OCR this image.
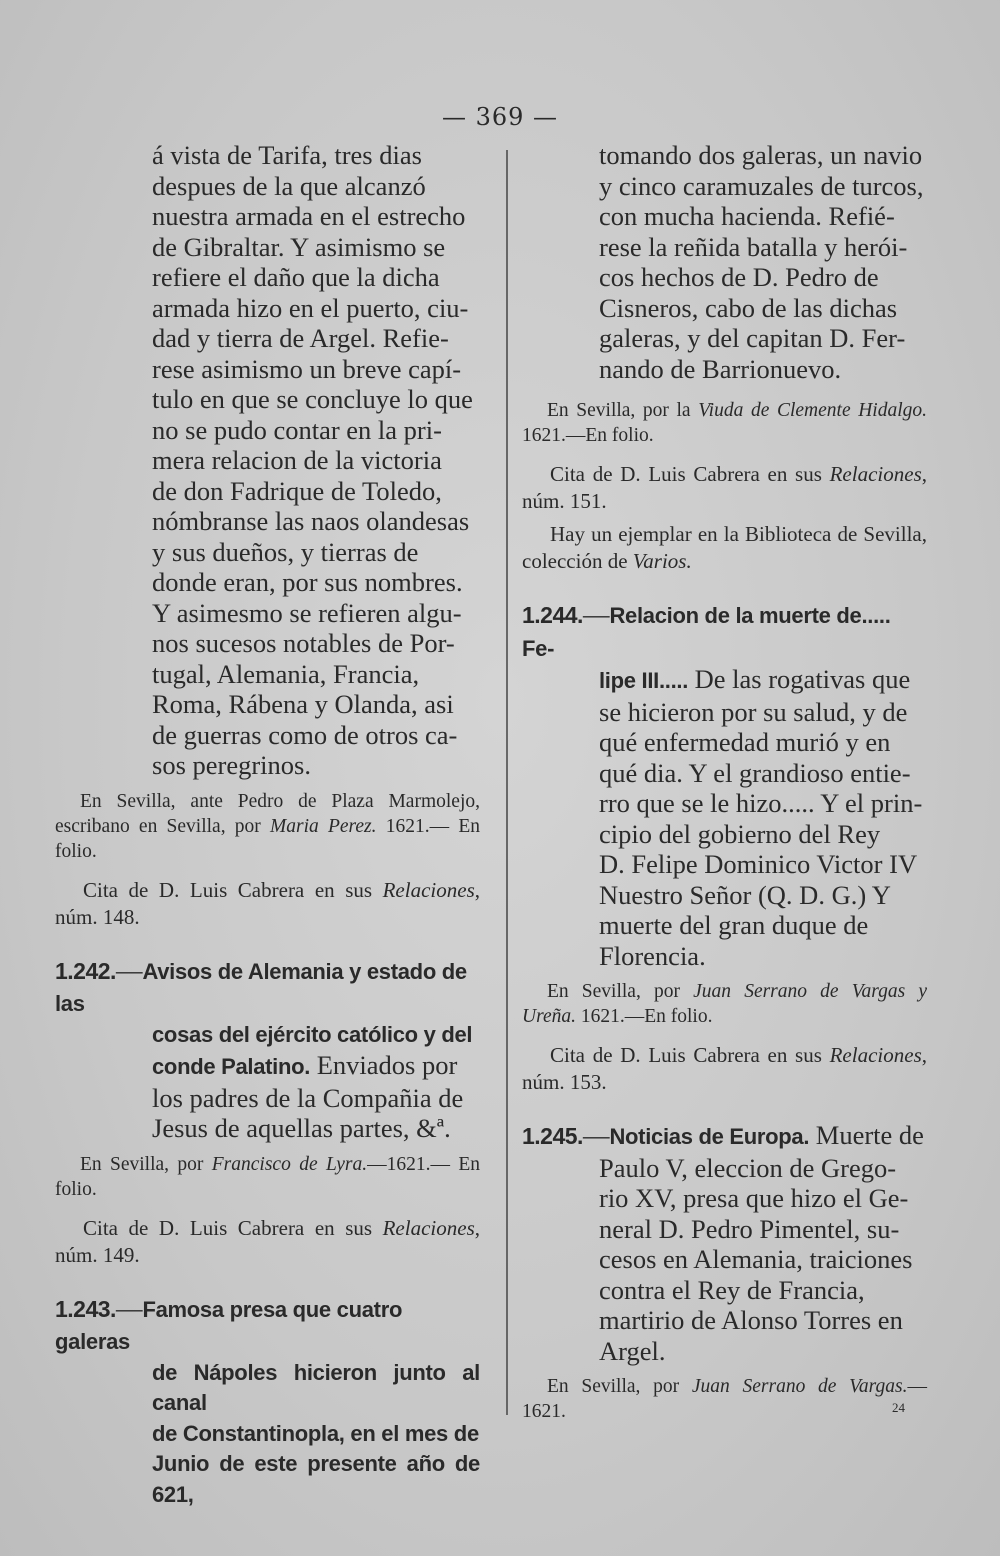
— 369 —

á vista de Tarifa, tres dias

despues de la que alcanzó

nuestra armada en el estrecho

de Gibraltar. Y asimismo se

refiere el daño que la dicha

armada hizo en el puerto, ciu-

dad y tierra de Argel. Refie-

rese asimismo un breve capí-

tulo en que se concluye lo que

no se pudo contar en la pri-

mera relacion de la victoria

de don Fadrique de Toledo,

nómbranse las naos olandesas

y sus dueños, y tierras de

donde eran, por sus nombres.

Y asimesmo se refieren algu-

nos sucesos notables de Por-

tugal, Alemania, Francia,

Roma, Rábena y Olanda, asi

de guerras como de otros ca-

sos peregrinos.

En Sevilla, ante Pedro de Plaza Marmolejo, escribano en Sevilla, por Maria Perez. 1621.— En folio.

Cita de D. Luis Cabrera en sus Relaciones, núm. 148.

1.242.—Avisos de Alemania y estado de las

cosas del ejército católico y del

conde Palatino. Enviados por

los padres de la Compañia de

Jesus de aquellas partes, &ª.

En Sevilla, por Francisco de Lyra.—1621.— En folio.

Cita de D. Luis Cabrera en sus Relaciones, núm. 149.

1.243.—Famosa presa que cuatro galeras

de Nápoles hicieron junto al canal

de Constantinopla, en el mes de

Junio de este presente año de 621,

tomando dos galeras, un navio

y cinco caramuzales de turcos,

con mucha hacienda. Refié-

rese la reñida batalla y herói-

cos hechos de D. Pedro de

Cisneros, cabo de las dichas

galeras, y del capitan D. Fer-

nando de Barrionuevo.

En Sevilla, por la Viuda de Clemente Hidalgo. 1621.—En folio.

Cita de D. Luis Cabrera en sus Relaciones, núm. 151.

Hay un ejemplar en la Biblioteca de Sevilla, colección de Varios.

1.244.—Relacion de la muerte de..... Fe-

lipe III..... De las rogativas que

se hicieron por su salud, y de

qué enfermedad murió y en

qué dia. Y el grandioso entie-

rro que se le hizo..... Y el prin-

cipio del gobierno del Rey

D. Felipe Dominico Victor IV

Nuestro Señor (Q. D. G.) Y

muerte del gran duque de

Florencia.

En Sevilla, por Juan Serrano de Vargas y Ureña. 1621.—En folio.

Cita de D. Luis Cabrera en sus Relaciones, núm. 153.

1.245.—Noticias de Europa. Muerte de

Paulo V, eleccion de Grego-

rio XV, presa que hizo el Ge-

neral D. Pedro Pimentel, su-

cesos en Alemania, traiciones

contra el Rey de Francia,

martirio de Alonso Torres en

Argel.

En Sevilla, por Juan Serrano de Vargas.— 1621.	24
